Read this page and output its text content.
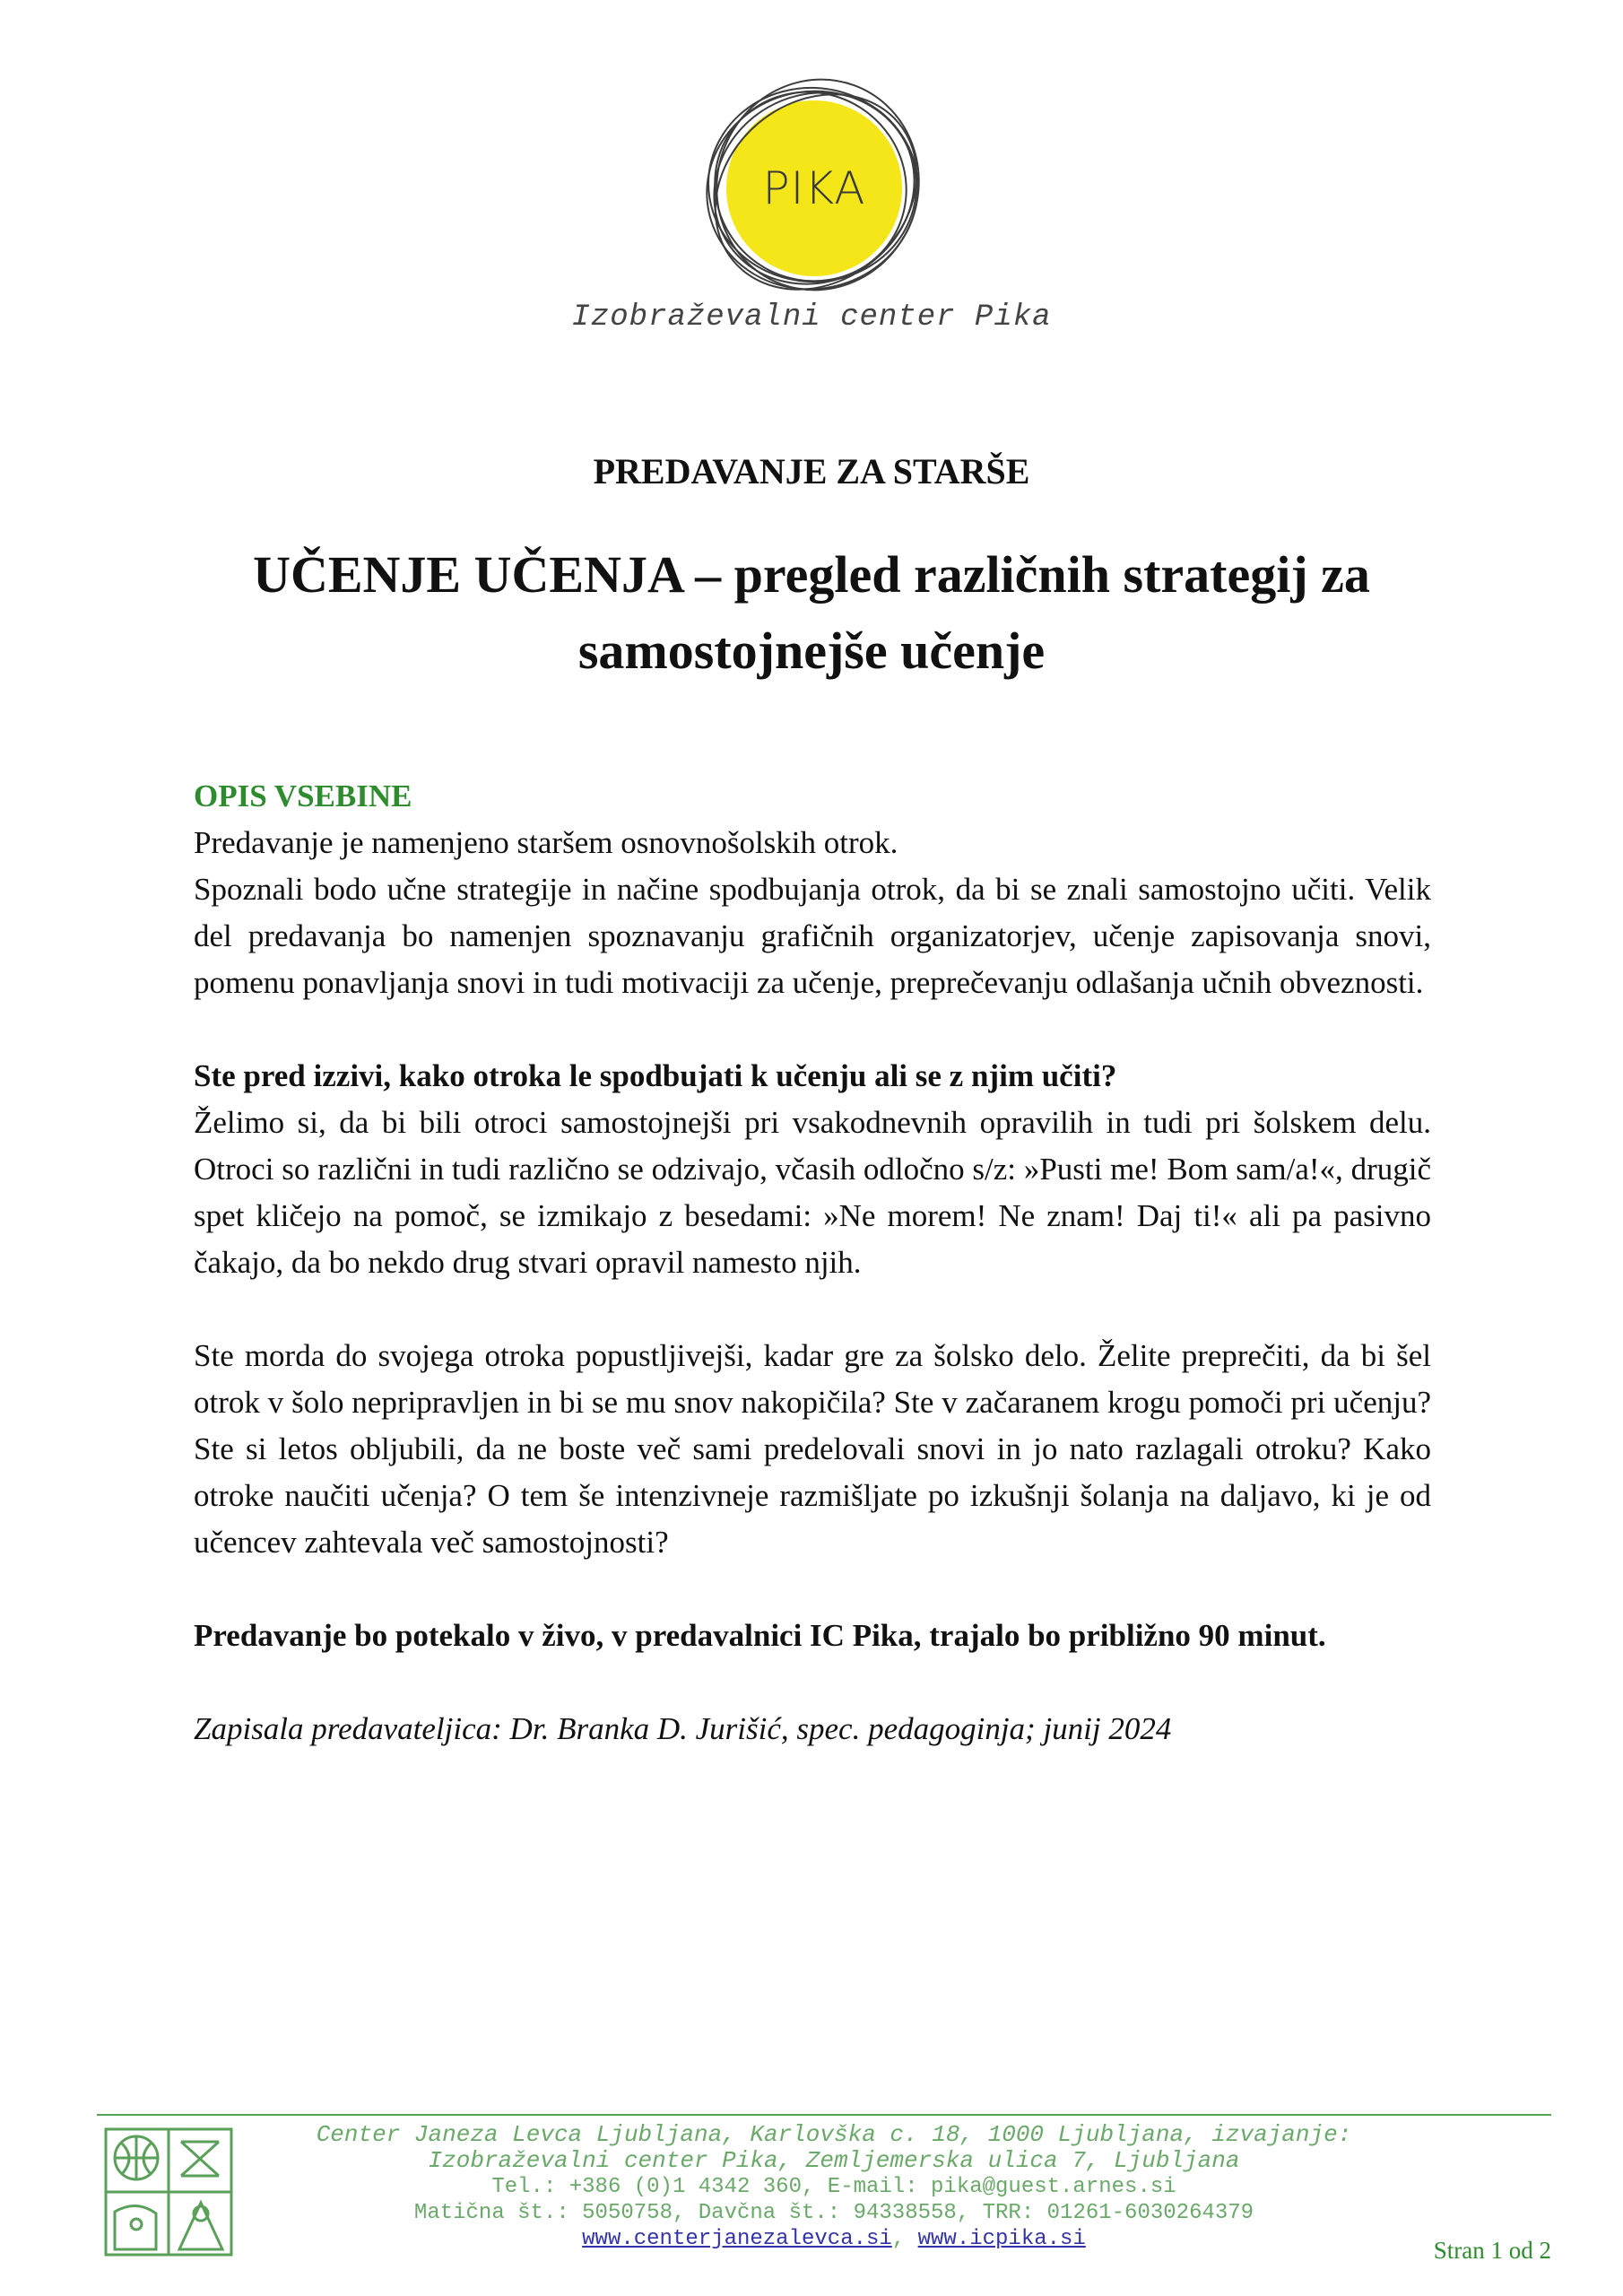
PIKA
Izobraževalni center Pika
PREDAVANJE ZA STARŠE
UČENJE UČENJA – pregled različnih strategij za
samostojnejše učenje

OPIS VSEBINE

Predavanje je namenjeno staršem osnovnošolskih otrok.

Spoznali bodo učne strategije in načine spodbujanja otrok, da bi se znali samostojno učiti. Velik del predavanja bo namenjen spoznavanju grafičnih organizatorjev, učenje zapisovanja snovi, pomenu ponavljanja snovi in tudi motivaciji za učenje, preprečevanju odlašanja učnih obveznosti.

Ste pred izzivi, kako otroka le spodbujati k učenju ali se z njim učiti?

Želimo si, da bi bili otroci samostojnejši pri vsakodnevnih opravilih in tudi pri šolskem delu. Otroci so različni in tudi različno se odzivajo, včasih odločno s/z: »Pusti me! Bom sam/a!«, drugič spet kličejo na pomoč, se izmikajo z besedami: »Ne morem! Ne znam! Daj ti!« ali pa pasivno čakajo, da bo nekdo drug stvari opravil namesto njih.

Ste morda do svojega otroka popustljivejši, kadar gre za šolsko delo. Želite preprečiti, da bi šel otrok v šolo nepripravljen in bi se mu snov nakopičila? Ste v začaranem krogu pomoči pri učenju? Ste si letos obljubili, da ne boste več sami predelovali snovi in jo nato razlagali otroku? Kako otroke naučiti učenja? O tem še intenzivneje razmišljate po izkušnji šolanja na daljavo, ki je od učencev zahtevala več samostojnosti?

Predavanje bo potekalo v živo, v predavalnici IC Pika, trajalo bo približno 90 minut.

Zapisala predavateljica: Dr. Branka D. Jurišić, spec. pedagoginja; junij 2024

Center Janeza Levca Ljubljana, Karlovška c. 18, 1000 Ljubljana, izvajanje:
Izobraževalni center Pika, Zemljemerska ulica 7, Ljubljana
Tel.: +386 (0)1 4342 360, E-mail: pika@guest.arnes.si
Matična št.: 5050758, Davčna št.: 94338558, TRR: 01261-6030264379
www.centerjanezalevca.si, www.icpika.si	Stran 1 od 2
